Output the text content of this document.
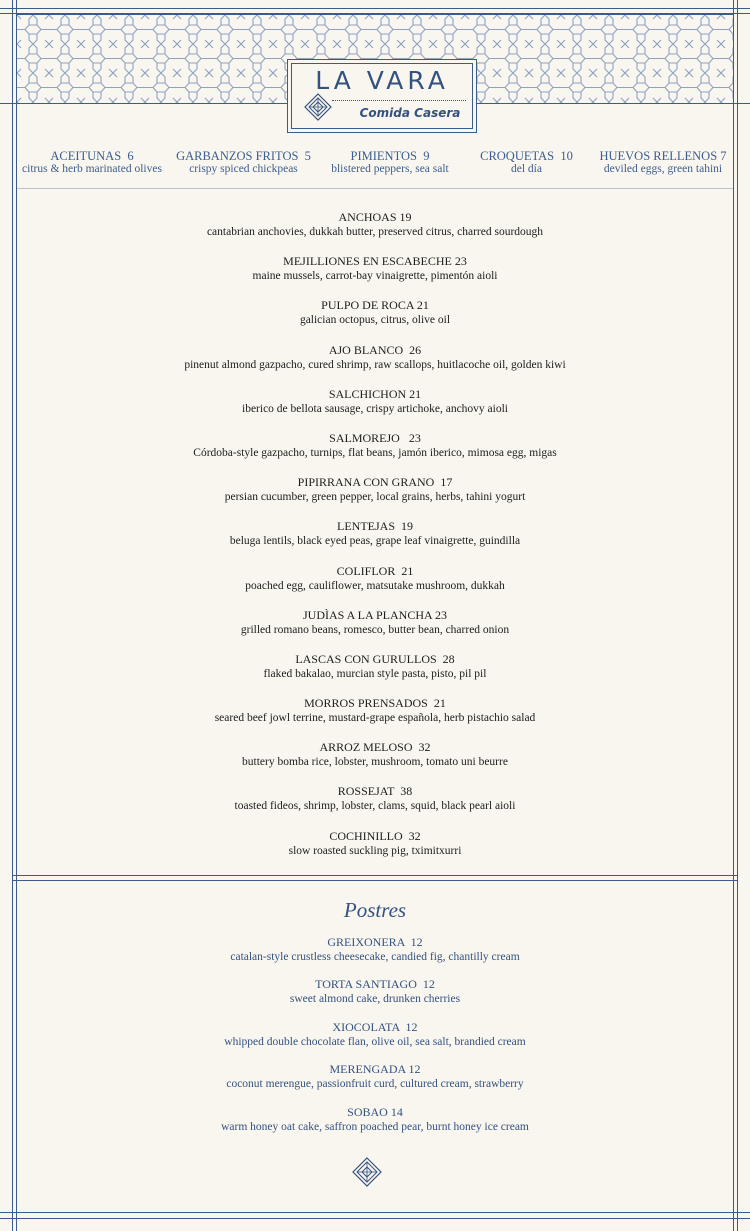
LA VARA
Comida Casera
ACEITUNAS  6
citrus & herb marinated olives
GARBANZOS FRITOS  5
crispy spiced chickpeas
PIMIENTOS  9
blistered peppers, sea salt
CROQUETAS  10
del día
HUEVOS RELLENOS 7
deviled eggs, green tahini
ANCHOAS 19
cantabrian anchovies, dukkah butter, preserved citrus, charred sourdough
MEJILLIONES EN ESCABECHE 23
maine mussels, carrot-bay vinaigrette, pimentón aioli
PULPO DE ROCA 21
galician octopus, citrus, olive oil
AJO BLANCO  26
pinenut almond gazpacho, cured shrimp, raw scallops, huitlacoche oil, golden kiwi
SALCHICHON 21
iberico de bellota sausage, crispy artichoke, anchovy aioli
SALMOREJO   23
Córdoba-style gazpacho, turnips, flat beans, jamón iberico, mimosa egg, migas
PIPIRRANA CON GRANO  17
persian cucumber, green pepper, local grains, herbs, tahini yogurt
LENTEJAS  19
beluga lentils, black eyed peas, grape leaf vinaigrette, guindilla
COLIFLOR  21
poached egg, cauliflower, matsutake mushroom, dukkah
JUDÌAS A LA PLANCHA 23
grilled romano beans, romesco, butter bean, charred onion
LASCAS CON GURULLOS  28
flaked bakalao, murcian style pasta, pisto, pil pil
MORROS PRENSADOS  21
seared beef jowl terrine, mustard-grape española, herb pistachio salad
ARROZ MELOSO  32
buttery bomba rice, lobster, mushroom, tomato uni beurre
ROSSEJAT  38
toasted fideos, shrimp, lobster, clams, squid, black pearl aioli
COCHINILLO  32
slow roasted suckling pig, tximitxurri
Postres
GREIXONERA  12
catalan-style crustless cheesecake, candied fig, chantilly cream
TORTA SANTIAGO  12
sweet almond cake, drunken cherries
XIOCOLATA  12
whipped double chocolate flan, olive oil, sea salt, brandied cream
MERENGADA 12
coconut merengue, passionfruit curd, cultured cream, strawberry
SOBAO 14
warm honey oat cake, saffron poached pear, burnt honey ice cream
